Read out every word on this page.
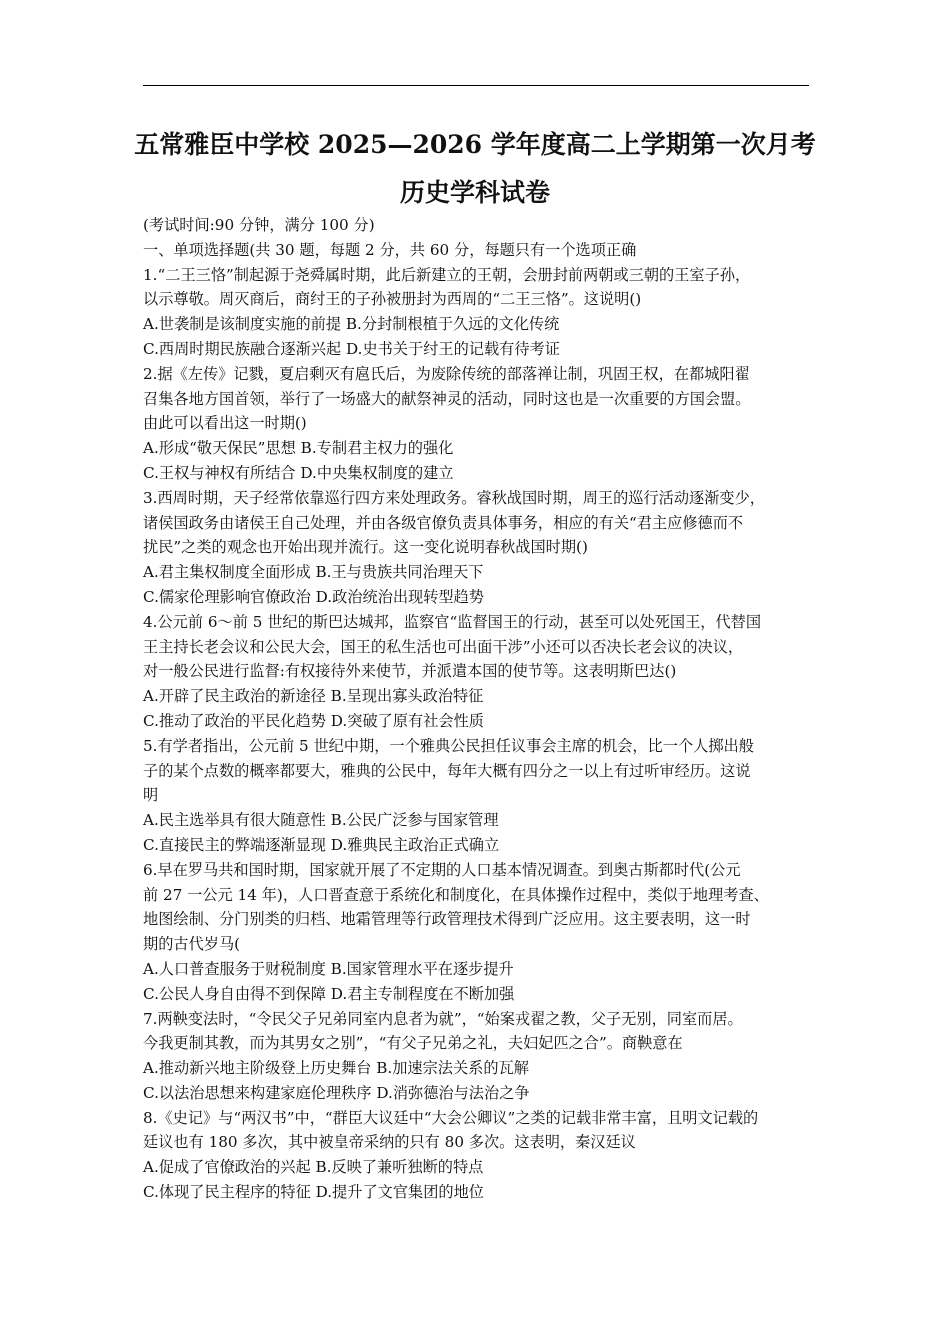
五常雅臣中学校 2025—2026 学年度高二上学期第一次月考
历史学科试卷
(考试时间:90 分钟，满分 100 分)
一、单项选择题(共 30 题，每题 2 分，共 60 分，每题只有一个选项正确
1.“二王三恪”制起源于尧舜属时期，此后新建立的王朝，会册封前两朝或三朝的王室子孙，
以示尊敬。周灭商后，商纣王的子孙被册封为西周的“二王三恪”。这说明()
A.世袭制是该制度实施的前提 B.分封制根植于久远的文化传统
C.西周时期民族融合逐渐兴起 D.史书关于纣王的记载有待考证
2.据《左传》记戮，夏启剩灭有扈氏后，为废除传统的部落禅让制，巩固王权，在都城阳翟
召集各地方国首领，举行了一场盛大的献祭神灵的活动，同时这也是一次重要的方国会盟。
由此可以看出这一时期()
A.形成“敬天保民”思想 B.专制君主权力的强化
C.王权与神权有所结合 D.中央集权制度的建立
3.西周时期，天子经常依靠巡行四方来处理政务。睿秋战国时期，周王的巡行活动逐渐变少，
诸侯国政务由诸侯王自己处理，并由各级官僚负责具体事务，相应的有关“君主应修德而不
扰民”之类的观念也开始出现并流行。这一变化说明春秋战国时期()
A.君主集权制度全面形成 B.王与贵族共同治理天下
C.儒家伦理影响官僚政治 D.政治统治出现转型趋势
4.公元前 6～前 5 世纪的斯巴达城邦，监察官“监督国王的行动，甚至可以处死国王，代替国
王主持长老会议和公民大会，国王的私生活也可出面干涉”小还可以否决长老会议的决议，
对一般公民进行监督:有权接待外来使节，并派遣本国的使节等。这表明斯巴达()
A.开辟了民主政治的新途径 B.呈现出寡头政治特征
C.推动了政治的平民化趋势 D.突破了原有社会性质
5.有学者指出，公元前 5 世纪中期，一个雅典公民担任议事会主席的机会，比一个人掷出般
子的某个点数的概率都要大，雅典的公民中，每年大概有四分之一以上有过听审经历。这说
明
A.民主选举具有很大随意性 B.公民广泛参与国家管理
C.直接民主的弊端逐渐显现 D.雅典民主政治正式确立
6.早在罗马共和国时期，国家就开展了不定期的人口基本情况调查。到奥古斯都时代(公元
前 27 一公元 14 年)，人口晋查意于系统化和制度化，在具体操作过程中，类似于地理考查、
地图绘制、分门别类的归档、地霜管理等行政管理技术得到广泛应用。这主要表明，这一时
期的古代岁马(
A.人口普查服务于财税制度 B.国家管理水平在逐步提升
C.公民人身自由得不到保障 D.君主专制程度在不断加强
7.两鞅变法时，“令民父子兄弟同室内息者为就”，“始案戎翟之教，父子无别，同室而居。
今我更制其教，而为其男女之别”，“有父子兄弟之礼，夫妇妃匹之合”。商鞅意在
A.推动新兴地主阶级登上历史舞台 B.加速宗法关系的瓦解
C.以法治思想来构建家庭伦理秩序 D.消弥德治与法治之争
8.《史记》与“两汉书”中，“群臣大议廷中“大会公卿议”之类的记载非常丰富，且明文记载的
廷议也有 180 多次，其中被皇帝采纳的只有 80 多次。这表明，秦汉廷议
A.促成了官僚政治的兴起 B.反映了兼听独断的特点
C.体现了民主程序的特征 D.提升了文官集团的地位
